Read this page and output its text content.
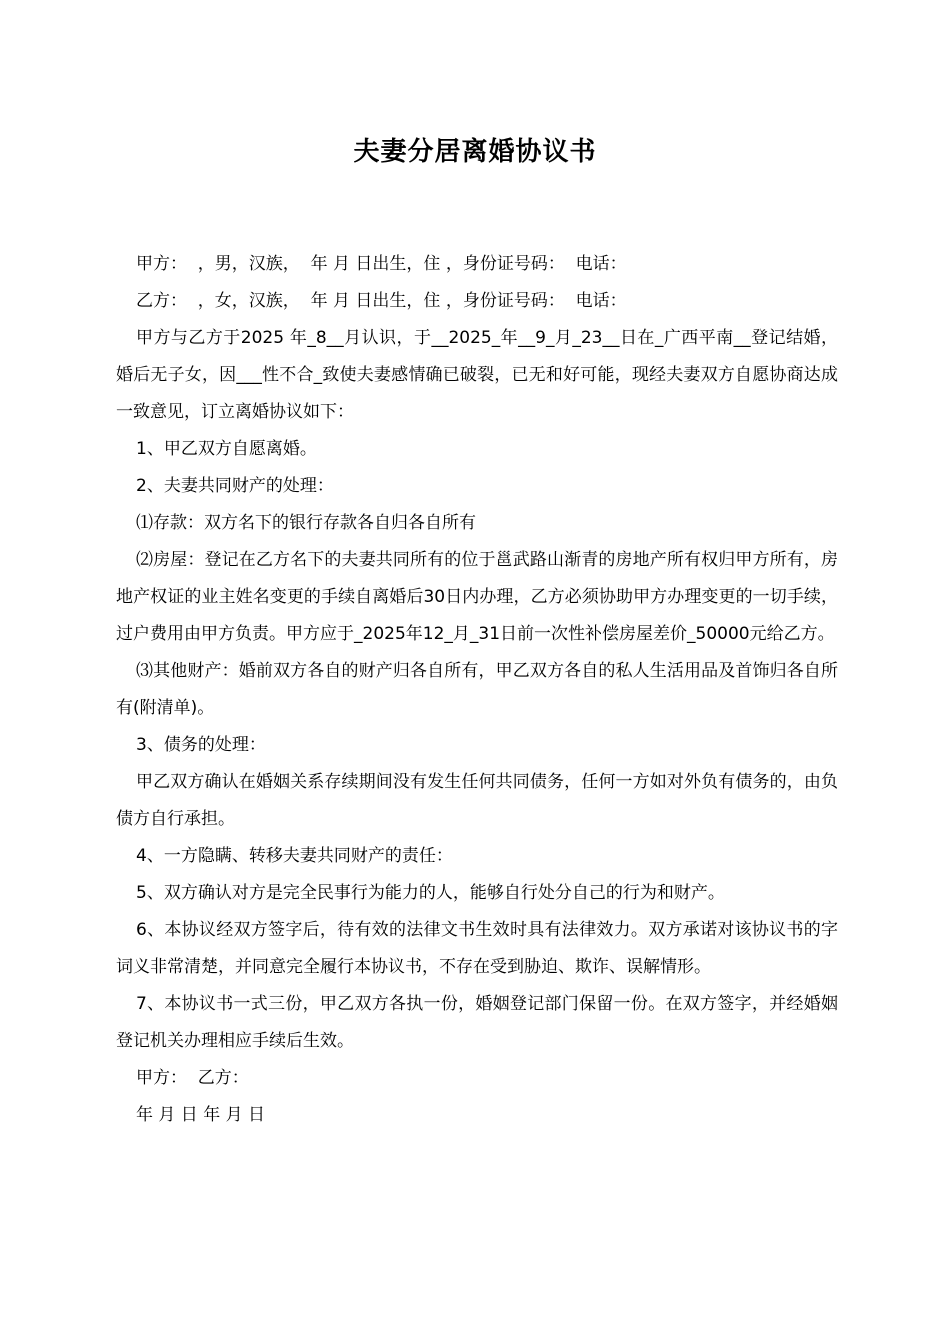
夫妻分居离婚协议书

甲方：  ，男，汉族，  年 月 日出生，住 ，身份证号码：  电话：

乙方：  ，女，汉族，  年 月 日出生，住 ，身份证号码：  电话：

甲方与乙方于2025 年_8__月认识，于__2025_年__9_月_23__日在_广西平南__登记结婚，婚后无子女，因___性不合_致使夫妻感情确已破裂，已无和好可能，现经夫妻双方自愿协商达成一致意见，订立离婚协议如下：

1、甲乙双方自愿离婚。

2、夫妻共同财产的处理：

⑴存款：双方名下的银行存款各自归各自所有

⑵房屋：登记在乙方名下的夫妻共同所有的位于邕武路山渐青的房地产所有权归甲方所有，房地产权证的业主姓名变更的手续自离婚后30日内办理，乙方必须协助甲方办理变更的一切手续，过户费用由甲方负责。甲方应于_2025年12_月_31日前一次性补偿房屋差价_50000元给乙方。

⑶其他财产：婚前双方各自的财产归各自所有，甲乙双方各自的私人生活用品及首饰归各自所有(附清单)。

3、债务的处理：

甲乙双方确认在婚姻关系存续期间没有发生任何共同债务，任何一方如对外负有债务的，由负债方自行承担。

4、一方隐瞒、转移夫妻共同财产的责任：

5、双方确认对方是完全民事行为能力的人，能够自行处分自己的行为和财产。

6、本协议经双方签字后，待有效的法律文书生效时具有法律效力。双方承诺对该协议书的字词义非常清楚，并同意完全履行本协议书，不存在受到胁迫、欺诈、误解情形。

7、本协议书一式三份，甲乙双方各执一份，婚姻登记部门保留一份。在双方签字，并经婚姻登记机关办理相应手续后生效。

甲方：  乙方：

年 月 日 年 月 日
